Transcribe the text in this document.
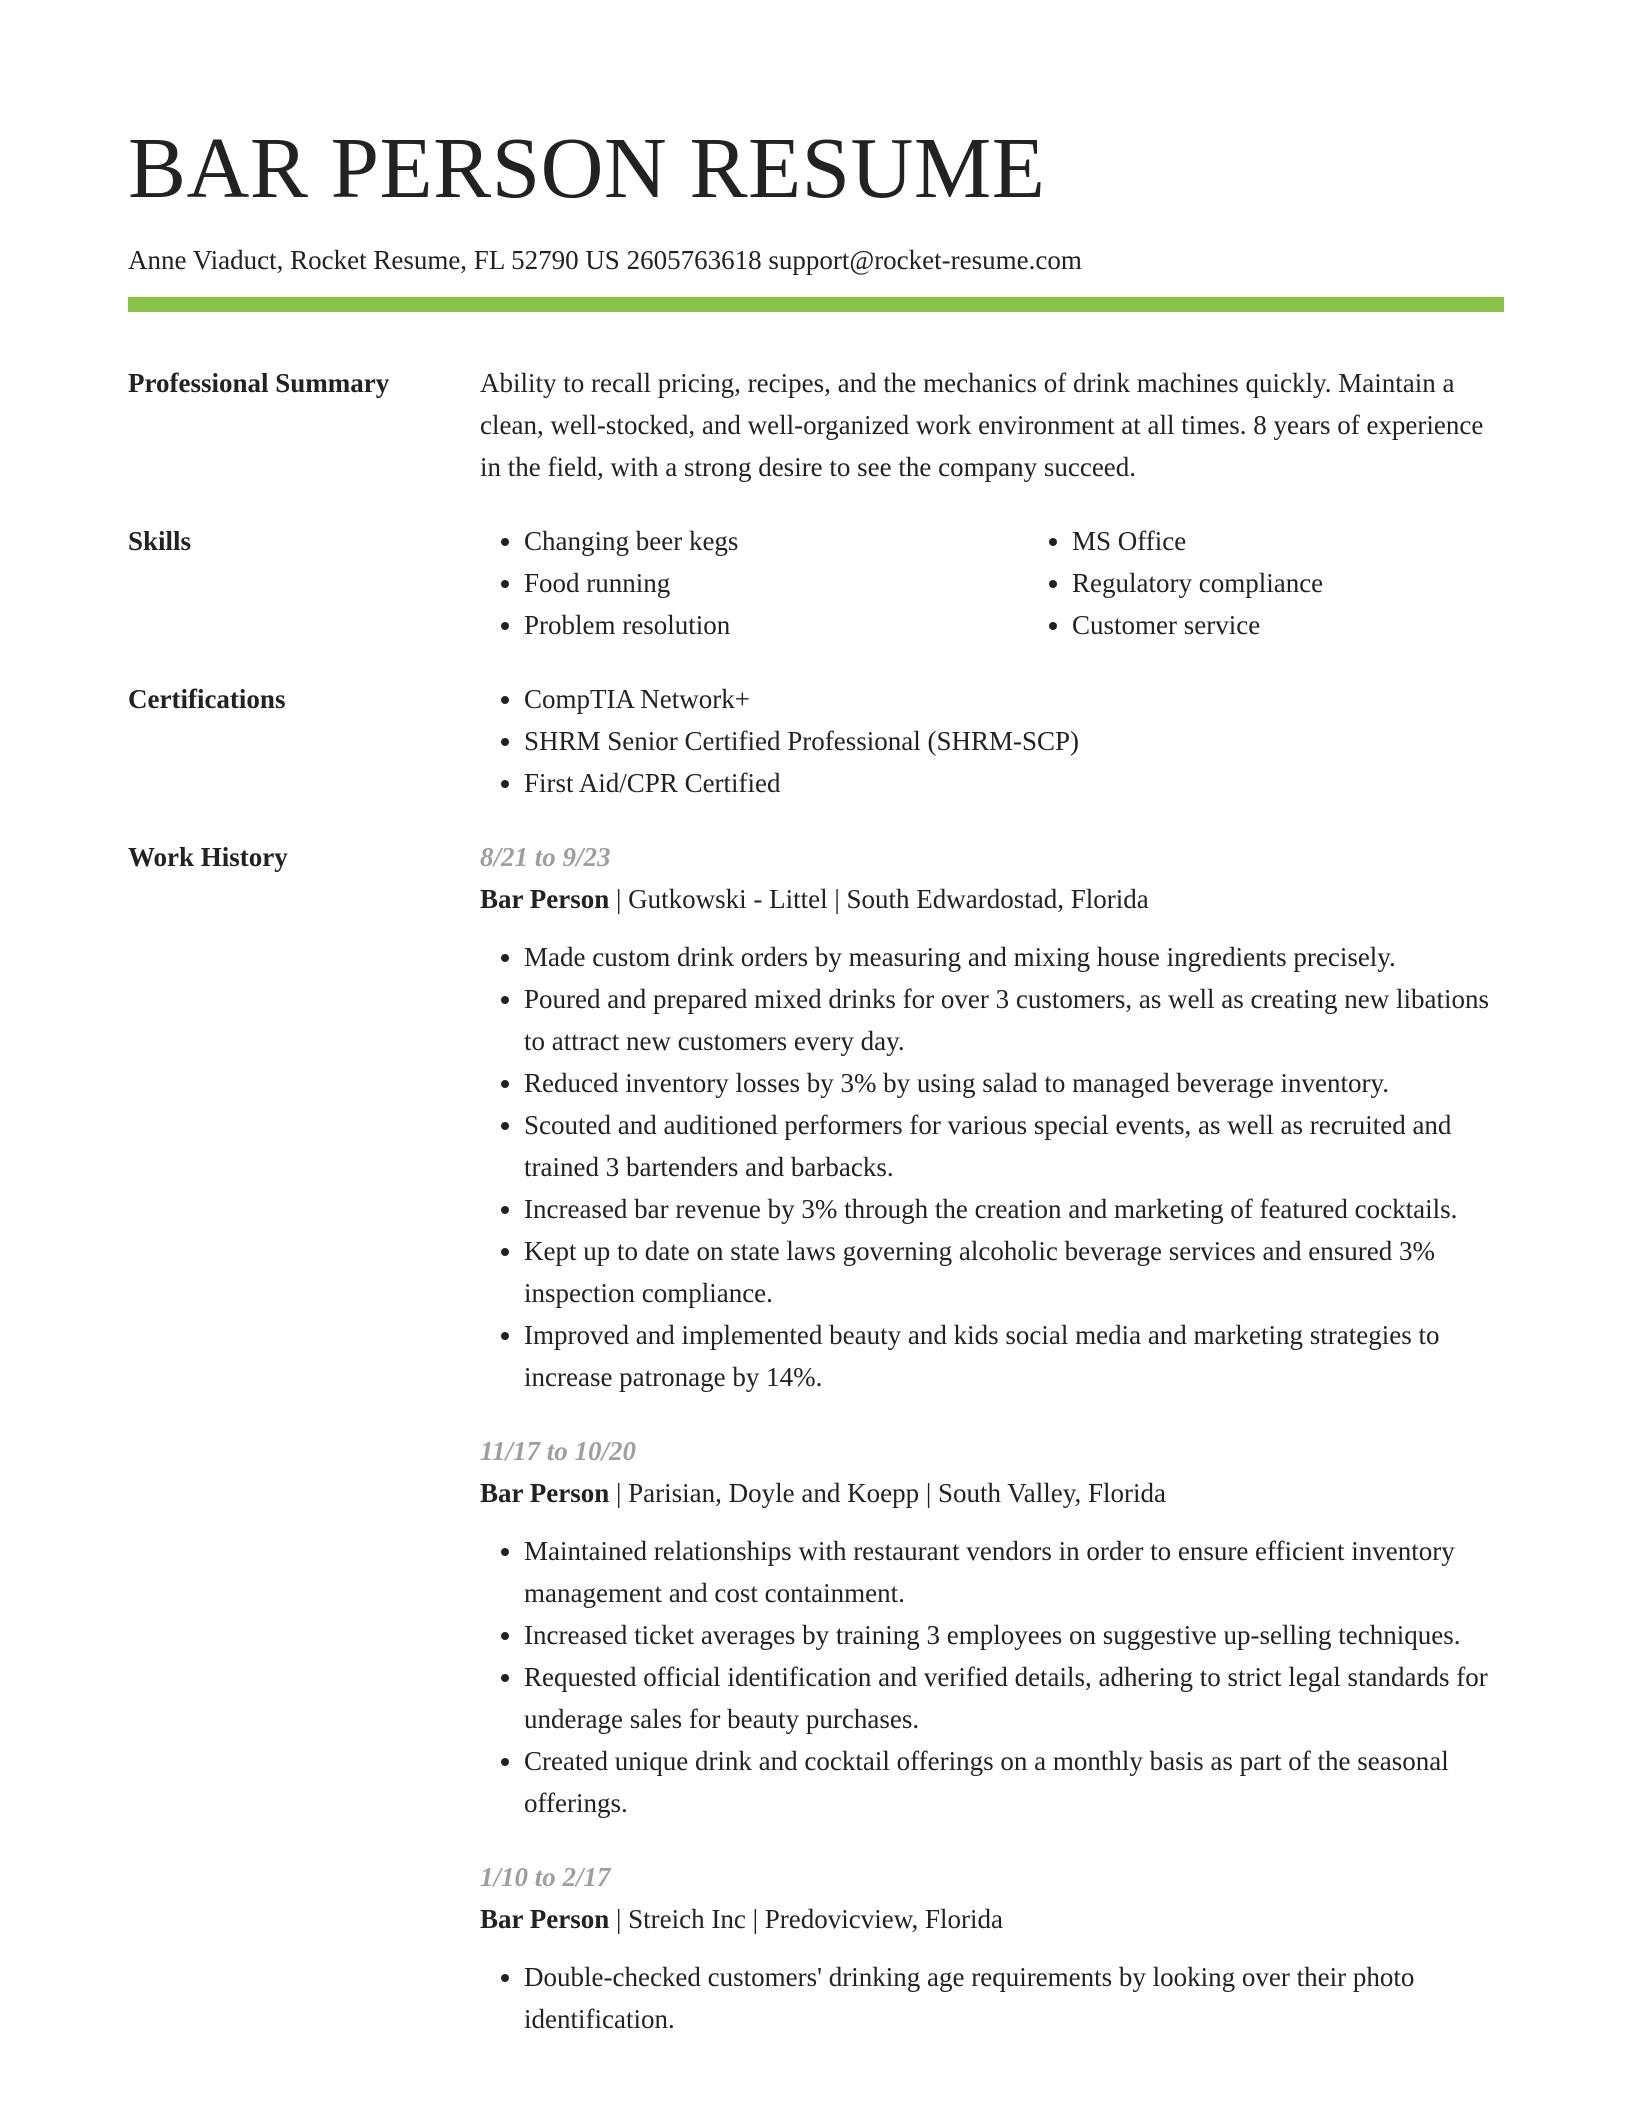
BAR PERSON RESUME
Anne Viaduct, Rocket Resume, FL 52790 US 2605763618 support@rocket-resume.com
Professional Summary	Ability to recall pricing, recipes, and the mechanics of drink machines quickly. Maintain a clean, well-stocked, and well-organized work environment at all times. 8 years of experience in the field, with a strong desire to see the company succeed.
Skills	• Changing beer kegs
• Food running
• Problem resolution
• MS Office
• Regulatory compliance
• Customer service
Certifications	• CompTIA Network+
• SHRM Senior Certified Professional (SHRM-SCP)
• First Aid/CPR Certified
Work History	8/21 to 9/23
Bar Person | Gutkowski - Littel | South Edwardostad, Florida
• Made custom drink orders by measuring and mixing house ingredients precisely.
• Poured and prepared mixed drinks for over 3 customers, as well as creating new libations to attract new customers every day.
• Reduced inventory losses by 3% by using salad to managed beverage inventory.
• Scouted and auditioned performers for various special events, as well as recruited and trained 3 bartenders and barbacks.
• Increased bar revenue by 3% through the creation and marketing of featured cocktails.
• Kept up to date on state laws governing alcoholic beverage services and ensured 3% inspection compliance.
• Improved and implemented beauty and kids social media and marketing strategies to increase patronage by 14%.
11/17 to 10/20
Bar Person | Parisian, Doyle and Koepp | South Valley, Florida
• Maintained relationships with restaurant vendors in order to ensure efficient inventory management and cost containment.
• Increased ticket averages by training 3 employees on suggestive up-selling techniques.
• Requested official identification and verified details, adhering to strict legal standards for underage sales for beauty purchases.
• Created unique drink and cocktail offerings on a monthly basis as part of the seasonal offerings.
1/10 to 2/17
Bar Person | Streich Inc | Predovicview, Florida
• Double-checked customers' drinking age requirements by looking over their photo identification.
